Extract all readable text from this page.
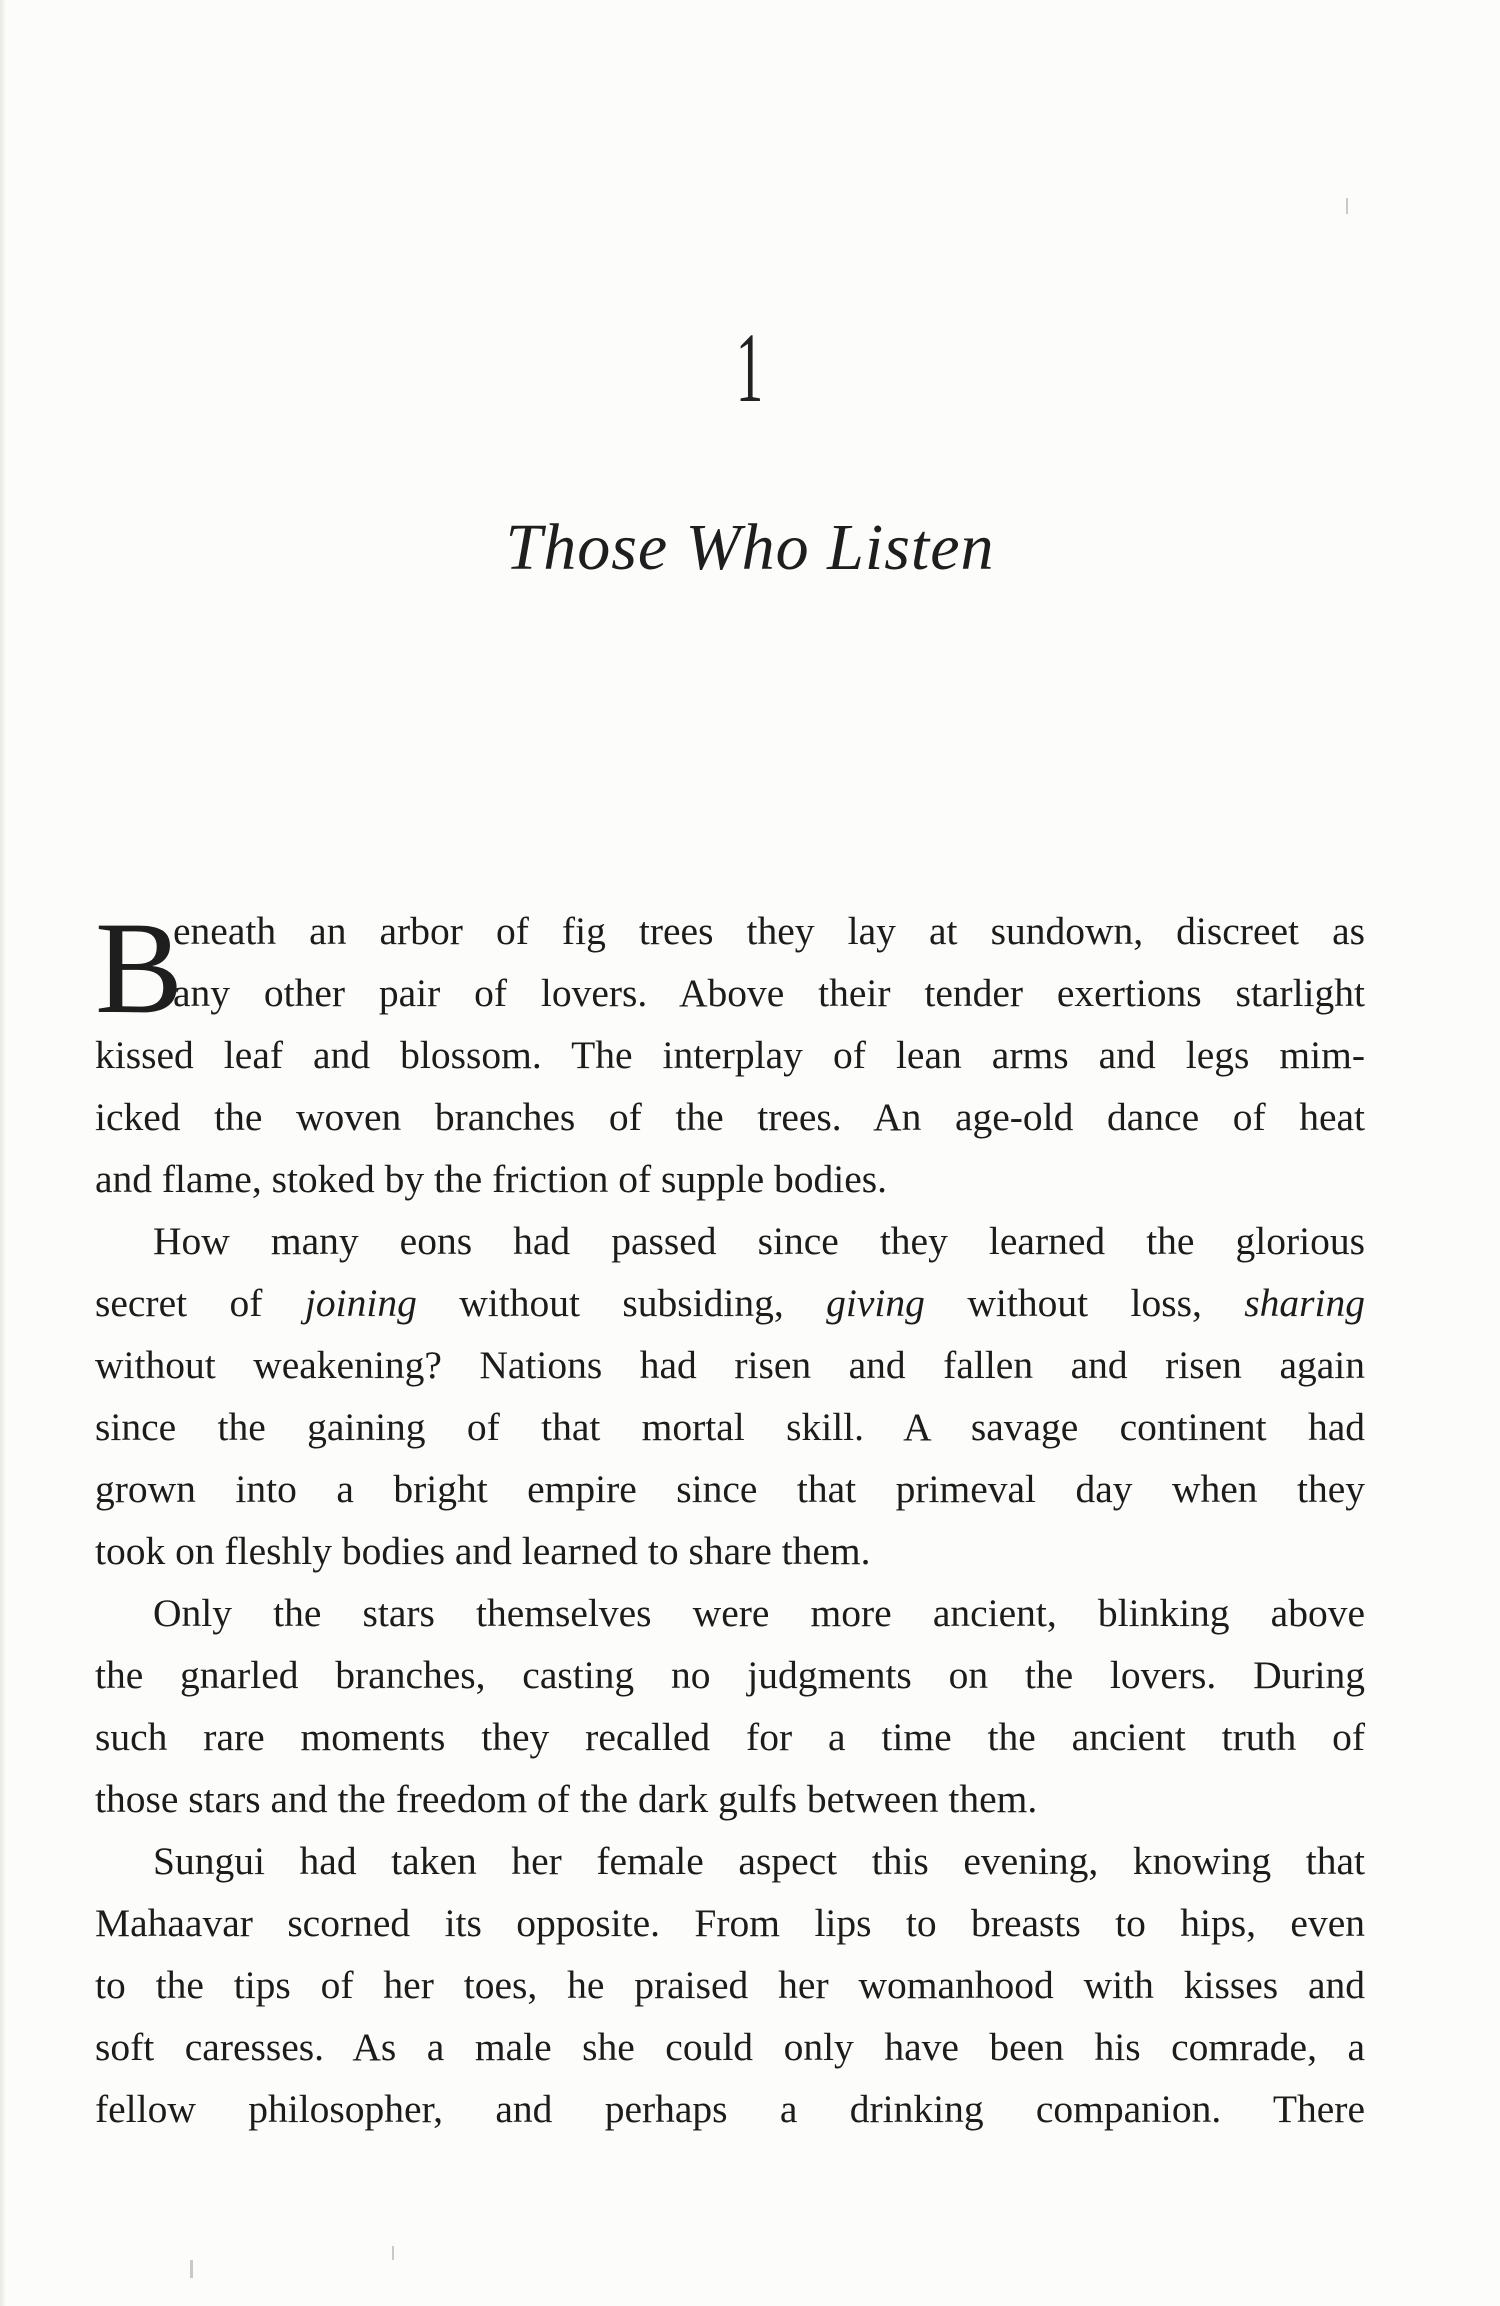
1
Those Who Listen
B
eneath an arbor of fig trees they lay at sundown, discreet as
any other pair of lovers. Above their tender exertions starlight
kissed leaf and blossom. The interplay of lean arms and legs mim-
icked the woven branches of the trees. An age-old dance of heat
and flame, stoked by the friction of supple bodies.
How many eons had passed since they learned the glorious
secret of joining without subsiding, giving without loss, sharing
without weakening? Nations had risen and fallen and risen again
since the gaining of that mortal skill. A savage continent had
grown into a bright empire since that primeval day when they
took on fleshly bodies and learned to share them.
Only the stars themselves were more ancient, blinking above
the gnarled branches, casting no judgments on the lovers. During
such rare moments they recalled for a time the ancient truth of
those stars and the freedom of the dark gulfs between them.
Sungui had taken her female aspect this evening, knowing that
Mahaavar scorned its opposite. From lips to breasts to hips, even
to the tips of her toes, he praised her womanhood with kisses and
soft caresses. As a male she could only have been his comrade, a
fellow philosopher, and perhaps a drinking companion. There
